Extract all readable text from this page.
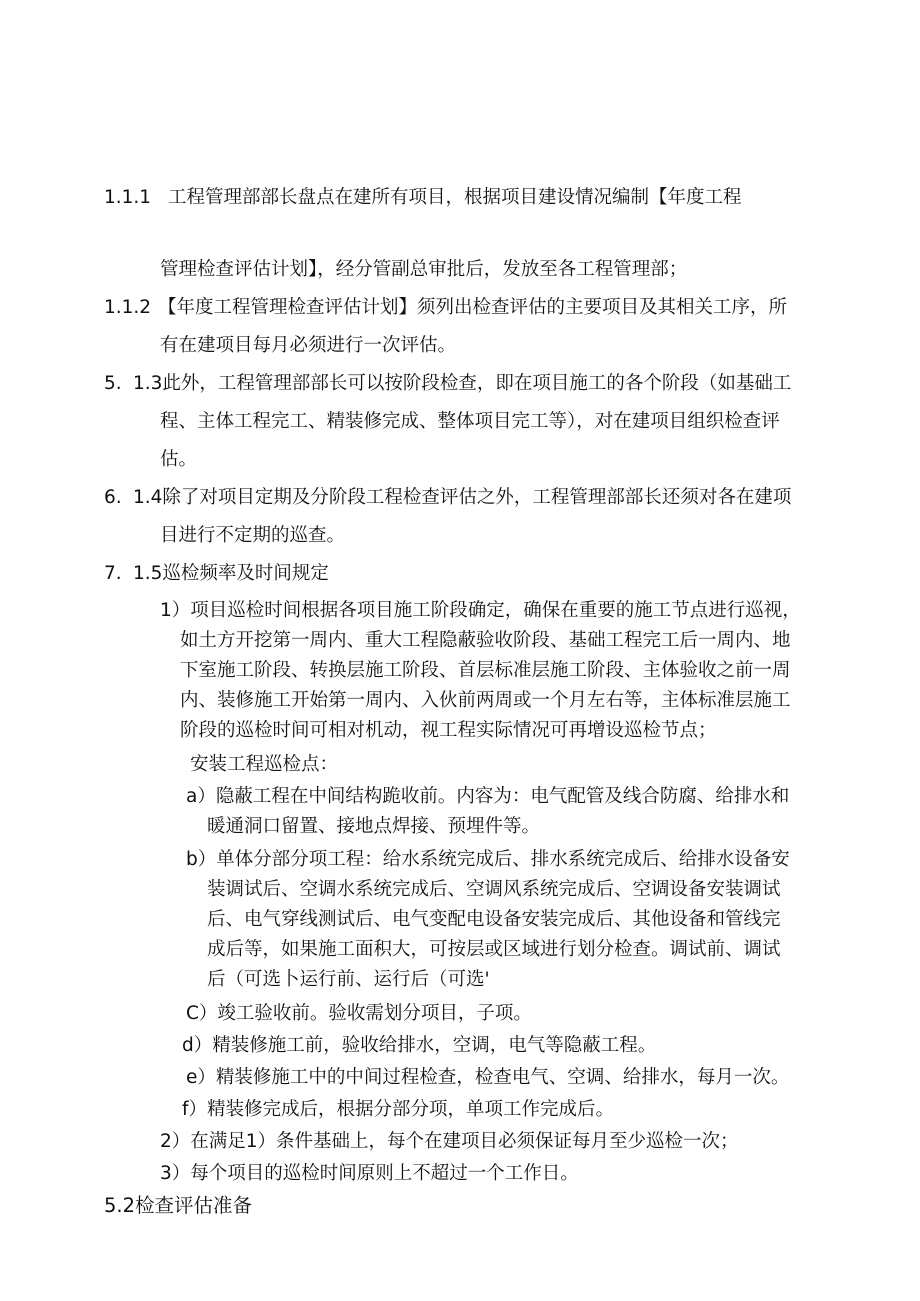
1.1.1 工程管理部部长盘点在建所有项目，根据项目建设情况编制【年度工程
管理检查评估计划】，经分管副总审批后，发放至各工程管理部；
1.1.2 【年度工程管理检查评估计划】须列出检查评估的主要项目及其相关工序，所
有在建项目每月必须进行一次评估。
5. 1.3此外，工程管理部部长可以按阶段检查，即在项目施工的各个阶段（如基础工
程、主体工程完工、精装修完成、整体项目完工等），对在建项目组织检查评
估。
6. 1.4除了对项目定期及分阶段工程检查评估之外，工程管理部部长还须对各在建项
目进行不定期的巡查。
7. 1.5巡检频率及时间规定
1）项目巡检时间根据各项目施工阶段确定，确保在重要的施工节点进行巡视，
如土方开挖第一周内、重大工程隐蔽验收阶段、基础工程完工后一周内、地
下室施工阶段、转换层施工阶段、首层标准层施工阶段、主体验收之前一周
内、装修施工开始第一周内、入伙前两周或一个月左右等，主体标准层施工
阶段的巡检时间可相对机动，视工程实际情况可再增设巡检节点；
安装工程巡检点：
a）隐蔽工程在中间结构跪收前。内容为：电气配管及线合防腐、给排水和
暖通洞口留置、接地点焊接、预埋件等。
b）单体分部分项工程：给水系统完成后、排水系统完成后、给排水设备安
装调试后、空调水系统完成后、空调风系统完成后、空调设备安装调试
后、电气穿线测试后、电气变配电设备安装完成后、其他设备和管线完
成后等，如果施工面积大，可按层或区域进行划分检查。调试前、调试
后（可选卜运行前、运行后（可选'
C）竣工验收前。验收需划分项目，子项。
d）精装修施工前，验收给排水，空调，电气等隐蔽工程。
e）精装修施工中的中间过程检查，检查电气、空调、给排水，每月一次。
f）精装修完成后，根据分部分项，单项工作完成后。
2）在满足1）条件基础上，每个在建项目必须保证每月至少巡检一次；
3）每个项目的巡检时间原则上不超过一个工作日。
5.2检查评估准备
